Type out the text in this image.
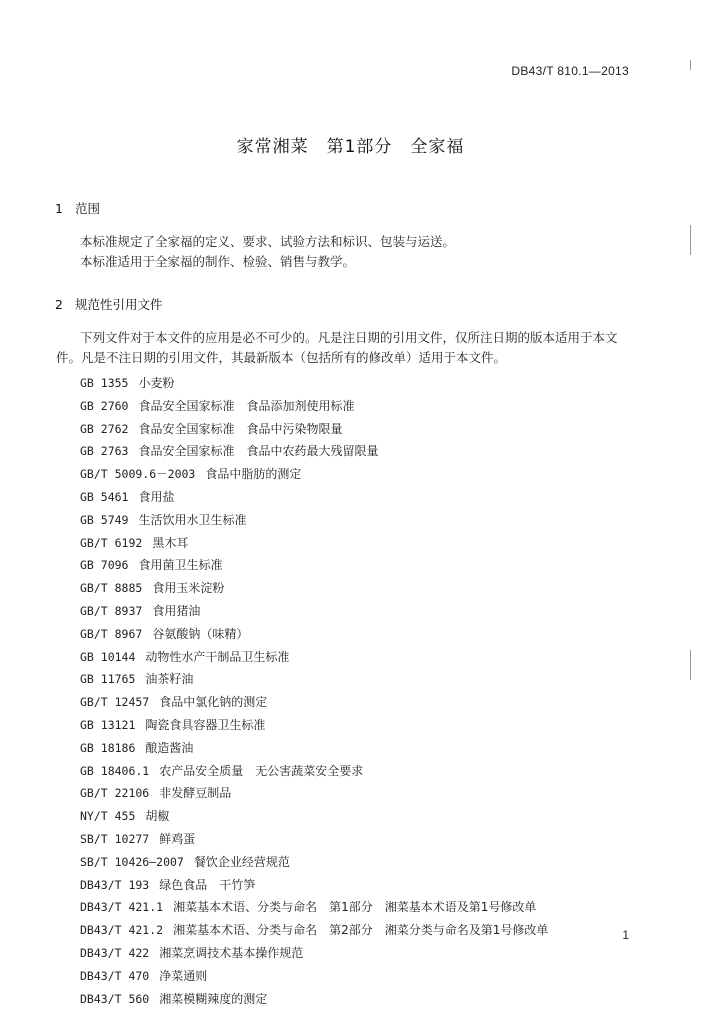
DB43/T 810.1—2013
家常湘菜　第1部分　全家福
1 范围
本标准规定了全家福的定义、要求、试验方法和标识、包装与运送。
本标准适用于全家福的制作、检验、销售与教学。
2 规范性引用文件
下列文件对于本文件的应用是必不可少的。凡是注日期的引用文件，仅所注日期的版本适用于本文
件。凡是不注日期的引用文件，其最新版本（包括所有的修改单）适用于本文件。
GB 1355 小麦粉
GB 2760 食品安全国家标准　食品添加剂使用标准
GB 2762 食品安全国家标准　食品中污染物限量
GB 2763 食品安全国家标准　食品中农药最大残留限量
GB/T 5009.6－2003 食品中脂肪的测定
GB 5461 食用盐
GB 5749 生活饮用水卫生标准
GB/T 6192 黑木耳
GB 7096 食用菌卫生标准
GB/T 8885 食用玉米淀粉
GB/T 8937 食用猪油
GB/T 8967 谷氨酸钠（味精）
GB 10144 动物性水产干制品卫生标准
GB 11765 油茶籽油
GB/T 12457 食品中氯化钠的测定
GB 13121 陶瓷食具容器卫生标准
GB 18186 酿造酱油
GB 18406.1 农产品安全质量　无公害蔬菜安全要求
GB/T 22106 非发酵豆制品
NY/T 455 胡椒
SB/T 10277 鲜鸡蛋
SB/T 10426—2007 餐饮企业经营规范
DB43/T 193 绿色食品　干竹笋
DB43/T 421.1 湘菜基本术语、分类与命名　第1部分　湘菜基本术语及第1号修改单
DB43/T 421.2 湘菜基本术语、分类与命名　第2部分　湘菜分类与命名及第1号修改单
DB43/T 422 湘菜烹调技术基本操作规范
DB43/T 470 净菜通则
DB43/T 560 湘菜模糊辣度的测定
1
